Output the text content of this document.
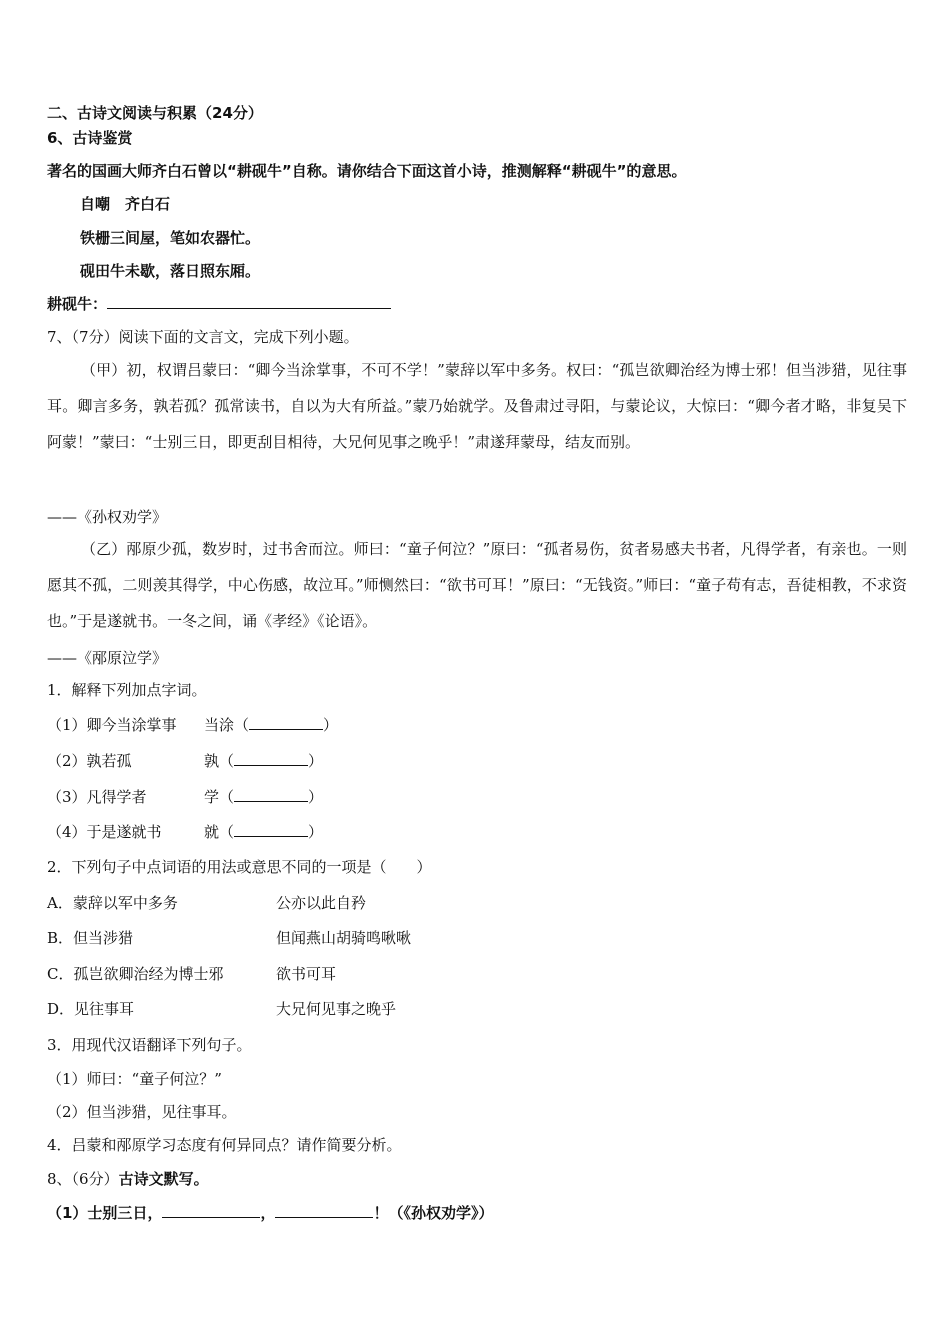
二、古诗文阅读与积累（24分）
6、古诗鉴赏
著名的国画大师齐白石曾以“耕砚牛”自称。请你结合下面这首小诗，推测解释“耕砚牛”的意思。
自嘲　齐白石
铁栅三间屋，笔如农器忙。
砚田牛未歇，落日照东厢。
耕砚牛：
7、（7分）阅读下面的文言文，完成下列小题。
（甲）初，权谓吕蒙曰：“卿今当涂掌事，不可不学！”蒙辞以军中多务。权曰：“孤岂欲卿治经为博士邪！但当涉猎，见往事耳。卿言多务，孰若孤？孤常读书，自以为大有所益。”蒙乃始就学。及鲁肃过寻阳，与蒙论议，大惊曰：“卿今者才略，非复吴下阿蒙！”蒙曰：“士别三日，即更刮目相待，大兄何见事之晚乎！”肃遂拜蒙母，结友而别。
——《孙权劝学》
（乙）邴原少孤，数岁时，过书舍而泣。师曰：“童子何泣？”原曰：“孤者易伤，贫者易感夫书者，凡得学者，有亲也。一则愿其不孤，二则羡其得学，中心伤感，故泣耳。”师恻然曰：“欲书可耳！”原曰：“无钱资。”师曰：“童子苟有志，吾徒相教，不求资也。”于是遂就书。一冬之间，诵《孝经》《论语》。
——《邴原泣学》
1．解释下列加点字词。
（1）卿今当涂掌事 当涂（	）
（2）孰若孤	孰（	）
（3）凡得学者	学（	）
（4）于是遂就书	就（	）
2．下列句子中点词语的用法或意思不同的一项是（　　）
A．蒙辞以军中多务	公亦以此自矜
B．但当涉猎	但闻燕山胡骑鸣啾啾
C．孤岂欲卿治经为博士邪	欲书可耳
D．见往事耳	大兄何见事之晚乎
3．用现代汉语翻译下列句子。
（1）师曰：“童子何泣？”
（2）但当涉猎，见往事耳。
4．吕蒙和邴原学习态度有何异同点？请作简要分析。
8、（6分）古诗文默写。
（1）士别三日，	，	！（《孙权劝学》）
